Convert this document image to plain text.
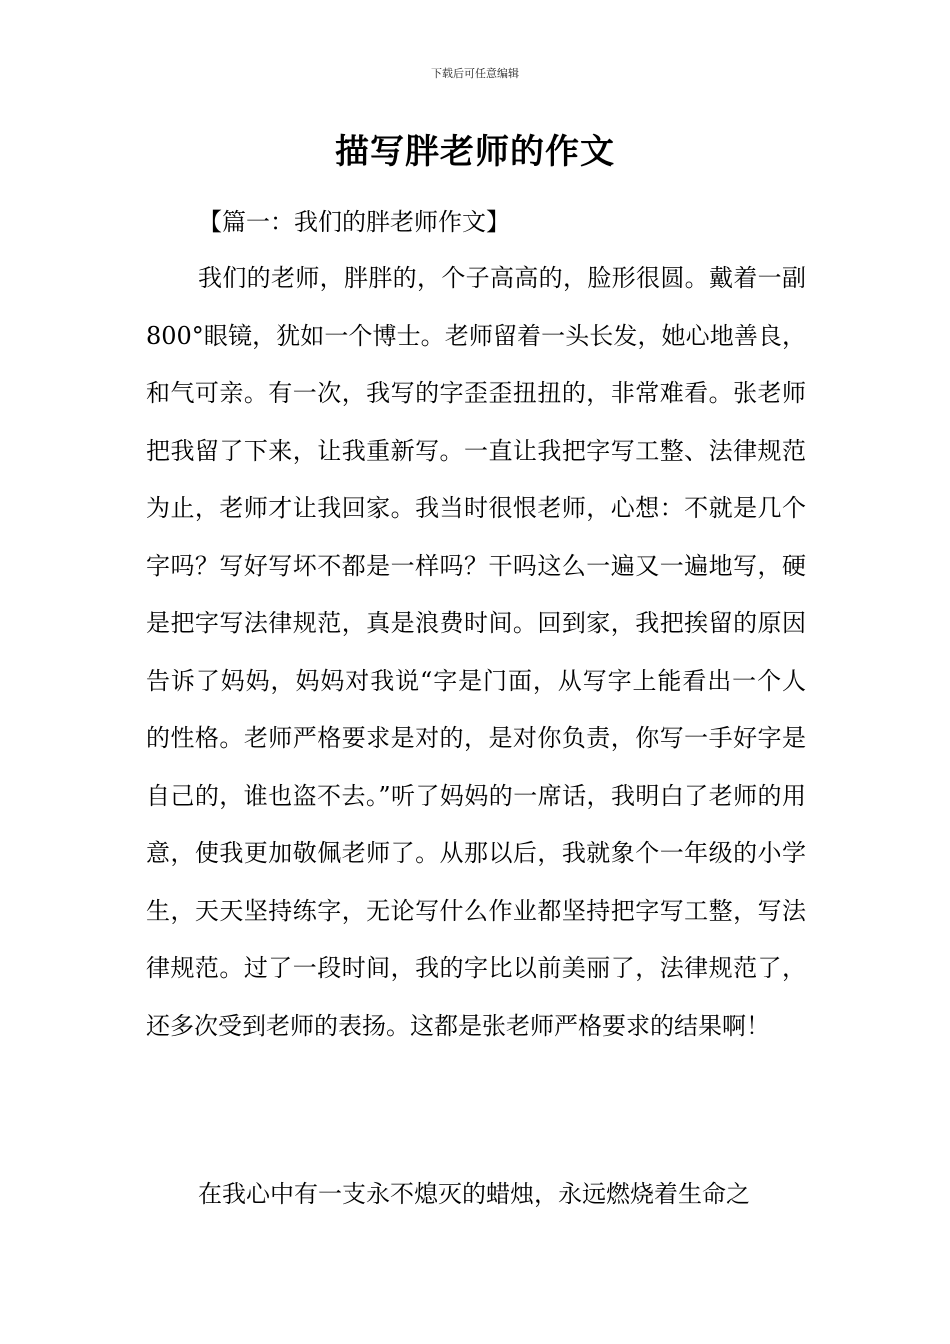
下载后可任意编辑
描写胖老师的作文
【篇一：我们的胖老师作文】

我们的老师，胖胖的，个子高高的，脸形很圆。戴着一副800°眼镜，犹如一个博士。老师留着一头长发，她心地善良，和气可亲。有一次，我写的字歪歪扭扭的，非常难看。张老师把我留了下来，让我重新写。一直让我把字写工整、法律规范为止，老师才让我回家。我当时很恨老师，心想：不就是几个字吗？写好写坏不都是一样吗？干吗这么一遍又一遍地写，硬是把字写法律规范，真是浪费时间。回到家，我把挨留的原因告诉了妈妈，妈妈对我说“字是门面，从写字上能看出一个人的性格。老师严格要求是对的，是对你负责，你写一手好字是自己的，谁也盗不去。”听了妈妈的一席话，我明白了老师的用意，使我更加敬佩老师了。从那以后，我就象个一年级的小学生，天天坚持练字，无论写什么作业都坚持把字写工整，写法律规范。过了一段时间，我的字比以前美丽了，法律规范了，还多次受到老师的表扬。这都是张老师严格要求的结果啊！

在我心中有一支永不熄灭的蜡烛，永远燃烧着生命之
